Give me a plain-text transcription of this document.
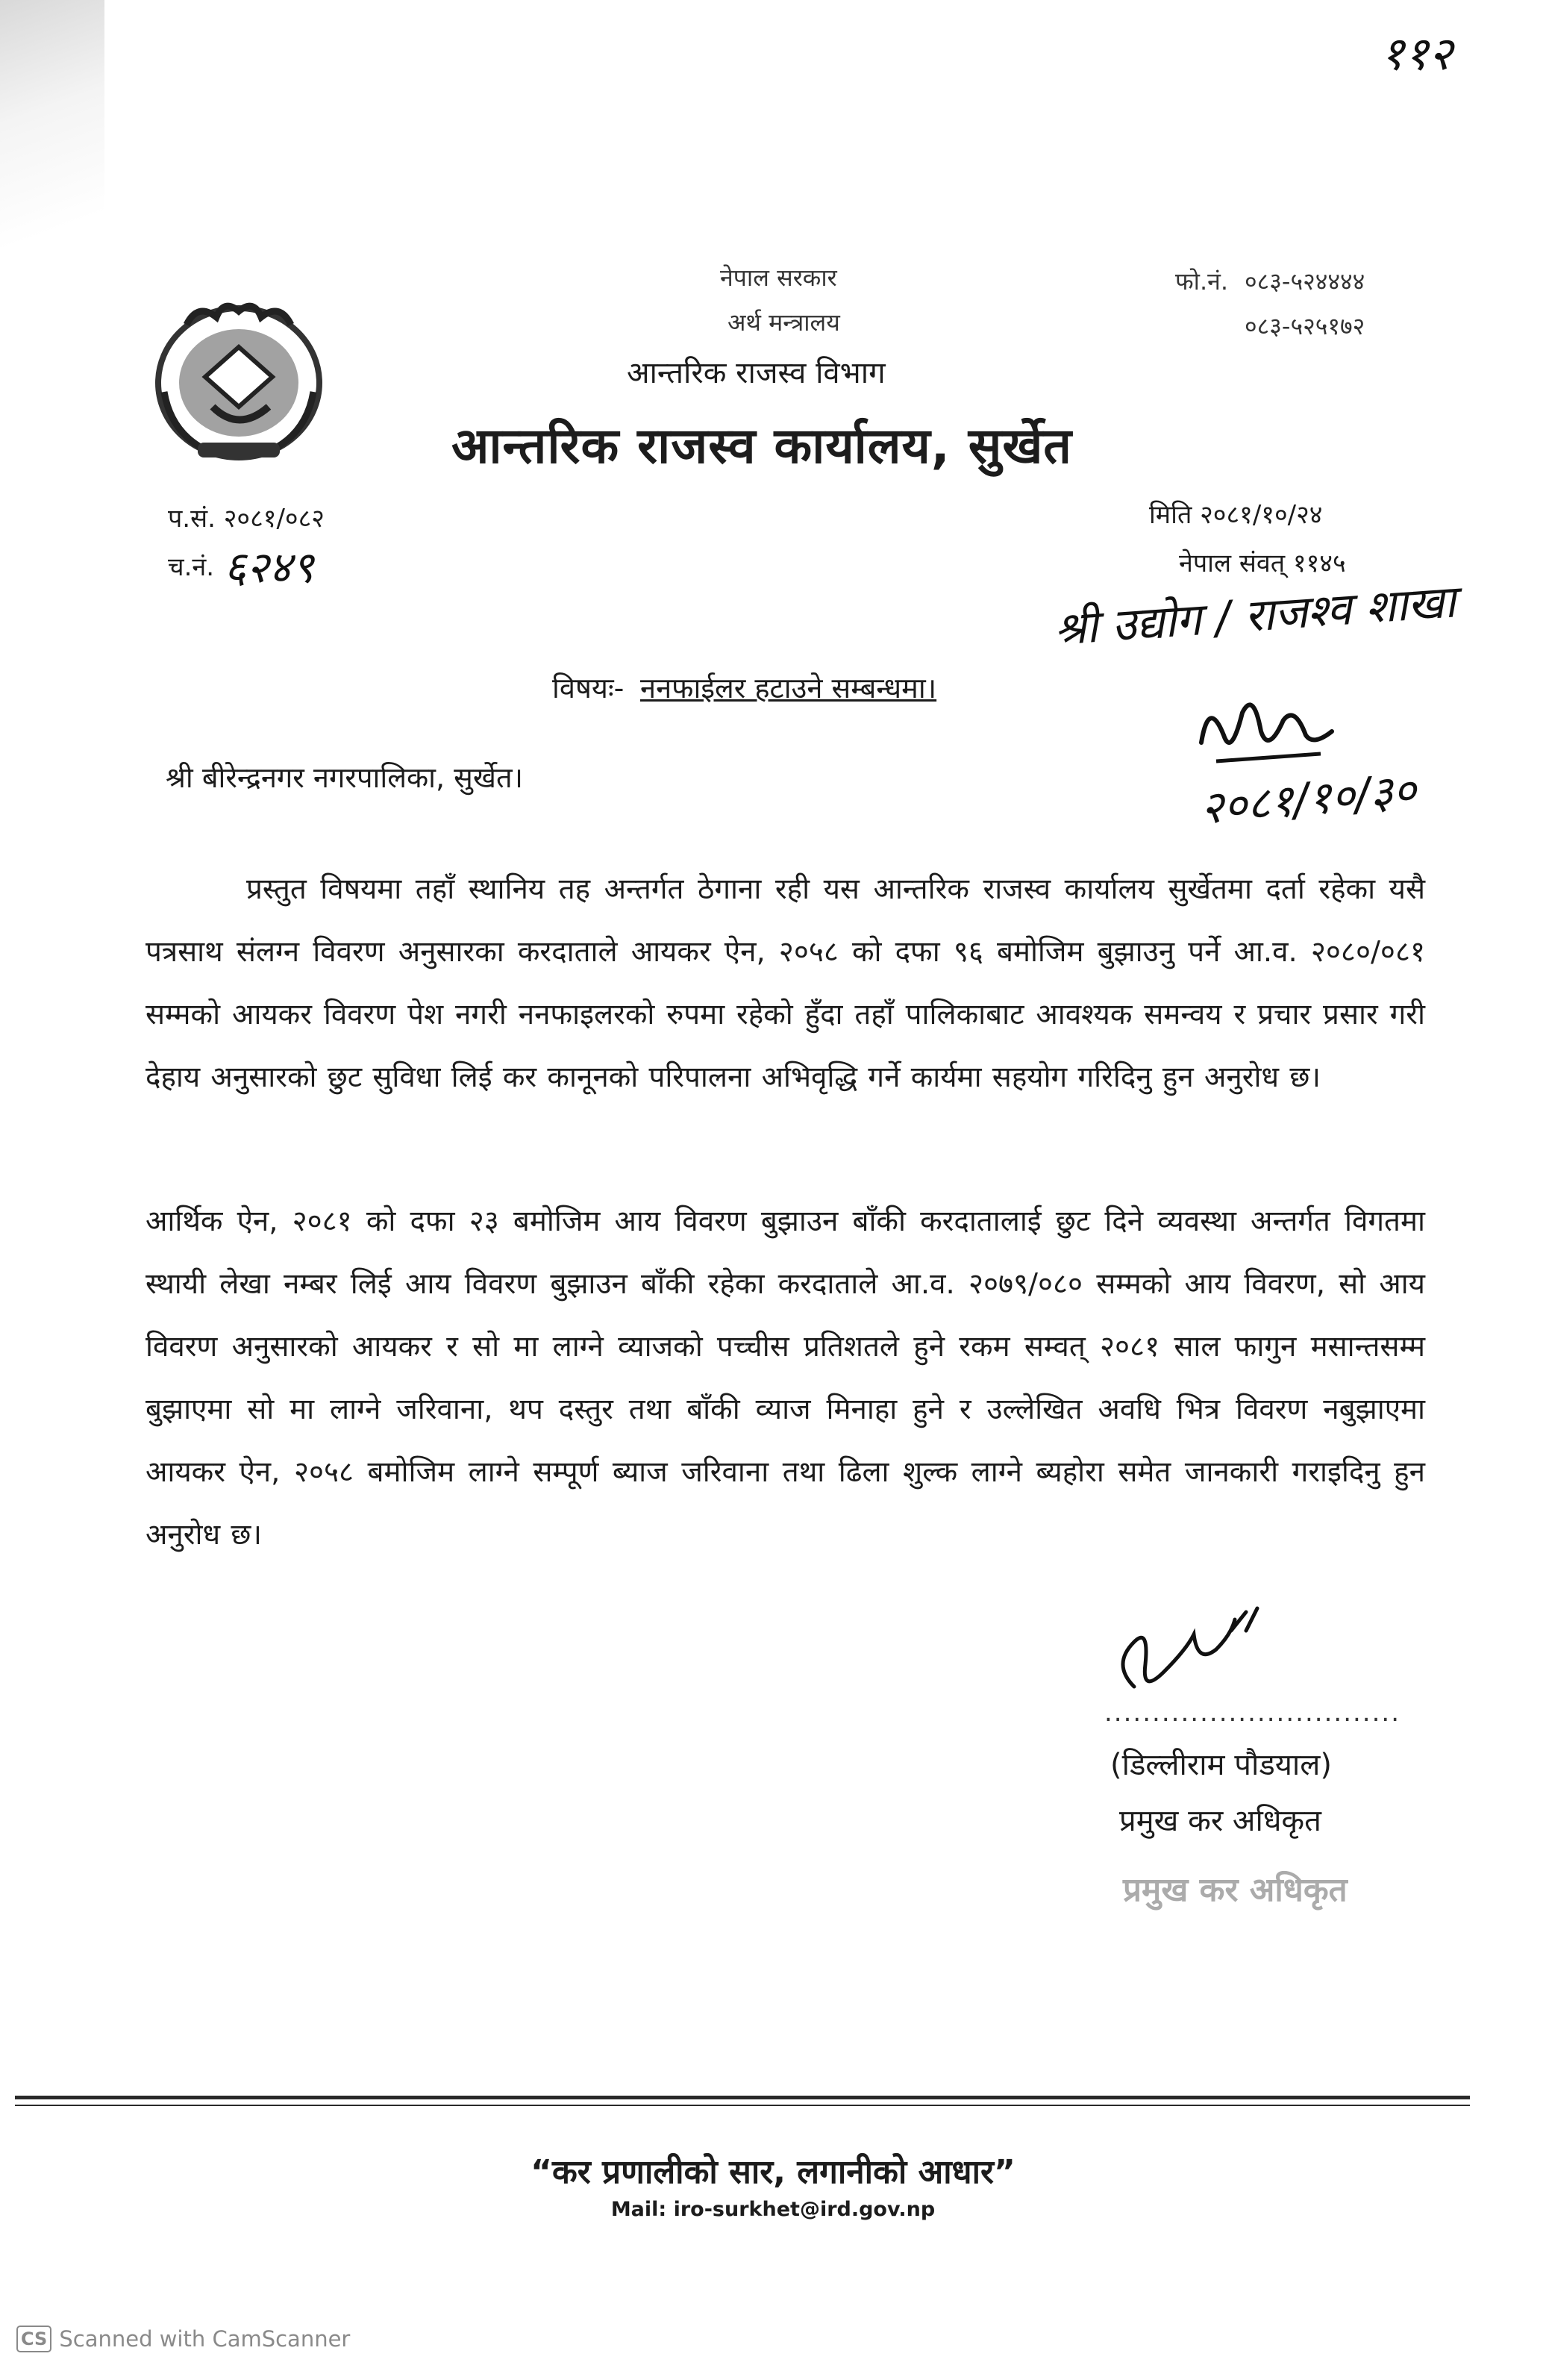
११२
नेपाल सरकार
अर्थ मन्त्रालय
आन्तरिक राजस्व विभाग
आन्तरिक राजस्व कार्यालय, सुर्खेत
फो.नं. ०८३-५२४४४४
०८३-५२५१७२
प.सं. २०८१/०८२
च.नं. ६२४९
मिति २०८१/१०/२४
नेपाल संवत् ११४५
श्री उद्योग / राजश्व शाखा
२०८१/१०/३०
विषयः- ननफाईलर हटाउने सम्बन्धमा।
श्री बीरेन्द्रनगर नगरपालिका, सुर्खेत।
प्रस्तुत विषयमा तहाँ स्थानिय तह अन्तर्गत ठेगाना रही यस आन्तरिक राजस्व कार्यालय सुर्खेतमा दर्ता रहेका यसै पत्रसाथ संलग्न विवरण अनुसारका करदाताले आयकर ऐन, २०५८ को दफा ९६ बमोजिम बुझाउनु पर्ने आ.व. २०८०/०८१ सम्मको आयकर विवरण पेश नगरी ननफाइलरको रुपमा रहेको हुँदा तहाँ पालिकाबाट आवश्यक समन्वय र प्रचार प्रसार गरी देहाय अनुसारको छुट सुविधा लिई कर कानूनको परिपालना अभिवृद्धि गर्ने कार्यमा सहयोग गरिदिनु हुन अनुरोध छ।
आर्थिक ऐन, २०८१ को दफा २३ बमोजिम आय विवरण बुझाउन बाँकी करदातालाई छुट दिने व्यवस्था अन्तर्गत विगतमा स्थायी लेखा नम्बर लिई आय विवरण बुझाउन बाँकी रहेका करदाताले आ.व. २०७९/०८० सम्मको आय विवरण, सो आय विवरण अनुसारको आयकर र सो मा लाग्ने व्याजको पच्चीस प्रतिशतले हुने रकम सम्वत् २०८१ साल फागुन मसान्तसम्म बुझाएमा सो मा लाग्ने जरिवाना, थप दस्तुर तथा बाँकी व्याज मिनाहा हुने र उल्लेखित अवधि भित्र विवरण नबुझाएमा आयकर ऐन, २०५८ बमोजिम लाग्ने सम्पूर्ण ब्याज जरिवाना तथा ढिला शुल्क लाग्ने ब्यहोरा समेत जानकारी गराइदिनु हुन अनुरोध छ।
...............................
(डिल्लीराम पौडयाल)
प्रमुख कर अधिकृत
प्रमुख कर अधिकृत
“कर प्रणालीको सार, लगानीको आधार”
Mail: iro-surkhet@ird.gov.np
CS Scanned with CamScanner
